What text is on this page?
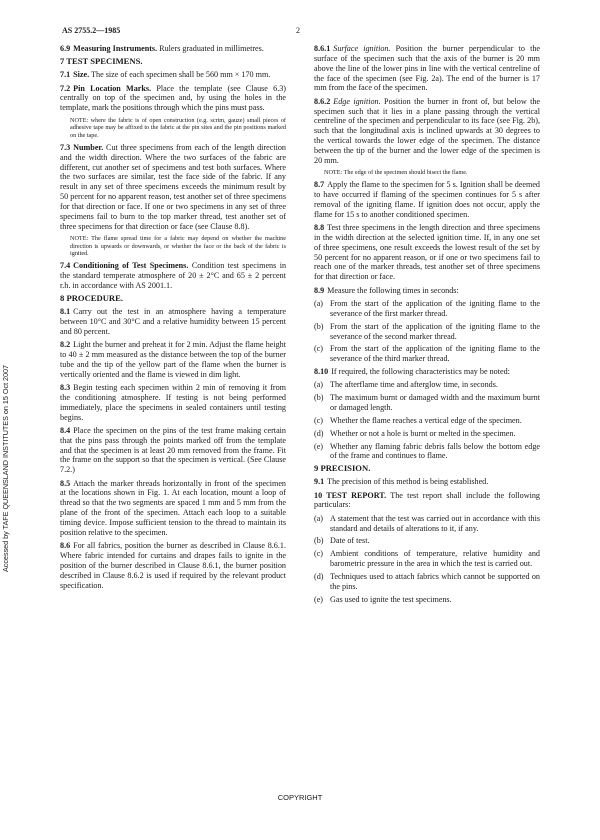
AS 2755.2—1985	2

6.9 Measuring Instruments. Rulers graduated in millimetres.

7 TEST SPECIMENS.

7.1 Size. The size of each specimen shall be 560 mm × 170 mm.

7.2 Pin Location Marks. Place the template (see Clause 6.3) centrally on top of the specimen and, by using the holes in the template, mark the positions through which the pins must pass.

NOTE: where the fabric is of open construction (e.g. scrim, gauze) small pieces of adhesive tape may be affixed to the fabric at the pin sites and the pin positions marked on the tape.

7.3 Number. Cut three specimens from each of the length direction and the width direction. Where the two surfaces of the fabric are different, cut another set of specimens and test both surfaces. Where the two surfaces are similar, test the face side of the fabric. If any result in any set of three specimens exceeds the minimum result by 50 percent for no apparent reason, test another set of three specimens for that direction or face. If one or two specimens in any set of three specimens fail to burn to the top marker thread, test another set of three specimens for that direction or face (see Clause 8.8).

NOTE: The flame spread time for a fabric may depend on whether the machine direction is upwards or downwards, or whether the face or the back of the fabric is ignited.

7.4 Conditioning of Test Specimens. Condition test specimens in the standard temperate atmosphere of 20 ± 2°C and 65 ± 2 percent r.h. in accordance with AS 2001.1.

8 PROCEDURE.

8.1 Carry out the test in an atmosphere having a temperature between 10°C and 30°C and a relative humidity between 15 percent and 80 percent.

8.2 Light the burner and preheat it for 2 min. Adjust the flame height to 40 ± 2 mm measured as the distance between the top of the burner tube and the tip of the yellow part of the flame when the burner is vertically oriented and the flame is viewed in dim light.

8.3 Begin testing each specimen within 2 min of removing it from the conditioning atmosphere. If testing is not being performed immediately, place the specimens in sealed containers until testing begins.

8.4 Place the specimen on the pins of the test frame making certain that the pins pass through the points marked off from the template and that the specimen is at least 20 mm removed from the frame. Fit the frame on the support so that the specimen is vertical. (See Clause 7.2.)

8.5 Attach the marker threads horizontally in front of the specimen at the locations shown in Fig. 1. At each location, mount a loop of thread so that the two segments are spaced 1 mm and 5 mm from the plane of the front of the specimen. Attach each loop to a suitable timing device. Impose sufficient tension to the thread to maintain its position relative to the specimen.

8.6 For all fabrics, position the burner as described in Clause 8.6.1. Where fabric intended for curtains and drapes fails to ignite in the position of the burner described in Clause 8.6.1, the burner position described in Clause 8.6.2 is used if required by the relevant product specification.

8.6.1 Surface ignition. Position the burner perpendicular to the surface of the specimen such that the axis of the burner is 20 mm above the line of the lower pins in line with the vertical centreline of the face of the specimen (see Fig. 2a). The end of the burner is 17 mm from the face of the specimen.

8.6.2 Edge ignition. Position the burner in front of, but below the specimen such that it lies in a plane passing through the vertical centreline of the specimen and perpendicular to its face (see Fig. 2b), such that the longitudinal axis is inclined upwards at 30 degrees to the vertical towards the lower edge of the specimen. The distance between the tip of the burner and the lower edge of the specimen is 20 mm.

NOTE: The edge of the specimen should bisect the flame.

8.7 Apply the flame to the specimen for 5 s. Ignition shall be deemed to have occurred if flaming of the specimen continues for 5 s after removal of the igniting flame. If ignition does not occur, apply the flame for 15 s to another conditioned specimen.

8.8 Test three specimens in the length direction and three specimens in the width direction at the selected ignition time. If, in any one set of three specimens, one result exceeds the lowest result of the set by 50 percent for no apparent reason, or if one or two specimens fail to reach one of the marker threads, test another set of three specimens for that direction or face.

8.9 Measure the following times in seconds:

(a) From the start of the application of the igniting flame to the severance of the first marker thread.
(b) From the start of the application of the igniting flame to the severance of the second marker thread.
(c) From the start of the application of the igniting flame to the severance of the third marker thread.

8.10 If required, the following characteristics may be noted:

(a) The afterflame time and afterglow time, in seconds.
(b) The maximum burnt or damaged width and the maximum burnt or damaged length.
(c) Whether the flame reaches a vertical edge of the specimen.
(d) Whether or not a hole is burnt or melted in the specimen.
(e) Whether any flaming fabric debris falls below the bottom edge of the frame and continues to flame.
9 PRECISION.

9.1 The precision of this method is being established.

10 TEST REPORT. The test report shall include the following particulars:

(a) A statement that the test was carried out in accordance with this standard and details of alterations to it, if any.
(b) Date of test.
(c) Ambient conditions of temperature, relative humidity and barometric pressure in the area in which the test is carried out.
(d) Techniques used to attach fabrics which cannot be supported on the pins.
(e) Gas used to ignite the test specimens.
Accessed by TAFE QUEENSLAND INSTITUTES on 15 Oct 2007
COPYRIGHT
